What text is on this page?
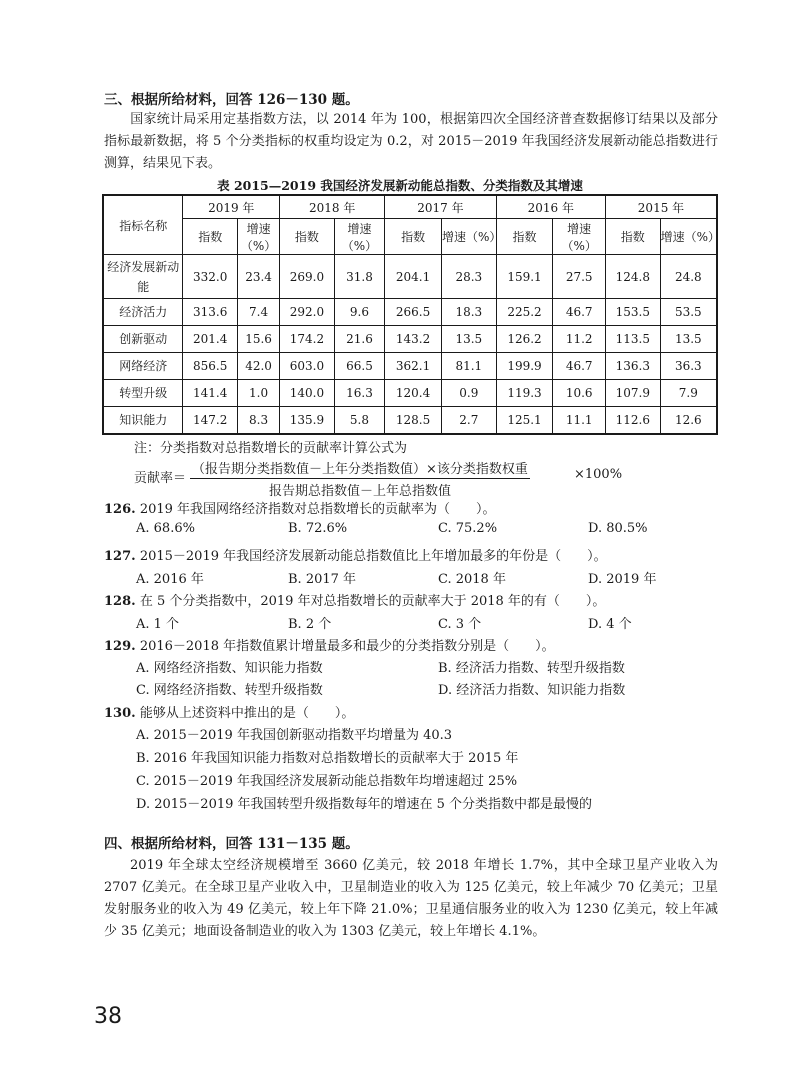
三、根据所给材料，回答 126－130 题。
国家统计局采用定基指数方法，以 2014 年为 100，根据第四次全国经济普查数据修订结果以及部分指标最新数据，将 5 个分类指标的权重均设定为 0.2，对 2015－2019 年我国经济发展新动能总指数进行测算，结果见下表。
表 2015—2019 我国经济发展新动能总指数、分类指数及其增速
指标名称	2019 年		2018 年		2017 年		2016 年		2015 年	
	指数	增速（%）	指数	增速（%）	指数	增速（%）	指数	增速（%）	指数	增速（%）
经济发展新动能	332.0	23.4	269.0	31.8	204.1	28.3	159.1	27.5	124.8	24.8
经济活力	313.6	7.4	292.0	9.6	266.5	18.3	225.2	46.7	153.5	53.5
创新驱动	201.4	15.6	174.2	21.6	143.2	13.5	126.2	11.2	113.5	13.5
网络经济	856.5	42.0	603.0	66.5	362.1	81.1	199.9	46.7	136.3	36.3
转型升级	141.4	1.0	140.0	16.3	120.4	0.9	119.3	10.6	107.9	7.9
知识能力	147.2	8.3	135.9	5.8	128.5	2.7	125.1	11.1	112.6	12.6
注：分类指数对总指数增长的贡献率计算公式为
贡献率＝
（报告期分类指数值－上年分类指数值）×该分类指数权重
报告期总指数值－上年总指数值
×100%
126. 2019 年我国网络经济指数对总指数增长的贡献率为（　　）。
A. 68.6%	B. 72.6%	C. 75.2%	D. 80.5%
127. 2015－2019 年我国经济发展新动能总指数值比上年增加最多的年份是（　　）。
A. 2016 年	B. 2017 年	C. 2018 年	D. 2019 年
128. 在 5 个分类指数中，2019 年对总指数增长的贡献率大于 2018 年的有（　　）。
A. 1 个	B. 2 个	C. 3 个	D. 4 个
129. 2016－2018 年指数值累计增量最多和最少的分类指数分别是（　　）。
A. 网络经济指数、知识能力指数	B. 经济活力指数、转型升级指数
C. 网络经济指数、转型升级指数	D. 经济活力指数、知识能力指数
130. 能够从上述资料中推出的是（　　）。
A. 2015－2019 年我国创新驱动指数平均增量为 40.3
B. 2016 年我国知识能力指数对总指数增长的贡献率大于 2015 年
C. 2015－2019 年我国经济发展新动能总指数年均增速超过 25%
D. 2015－2019 年我国转型升级指数每年的增速在 5 个分类指数中都是最慢的
四、根据所给材料，回答 131－135 题。
2019 年全球太空经济规模增至 3660 亿美元，较 2018 年增长 1.7%，其中全球卫星产业收入为 2707 亿美元。在全球卫星产业收入中，卫星制造业的收入为 125 亿美元，较上年减少 70 亿美元；卫星发射服务业的收入为 49 亿美元，较上年下降 21.0%；卫星通信服务业的收入为 1230 亿美元，较上年减少 35 亿美元；地面设备制造业的收入为 1303 亿美元，较上年增长 4.1%。
38
